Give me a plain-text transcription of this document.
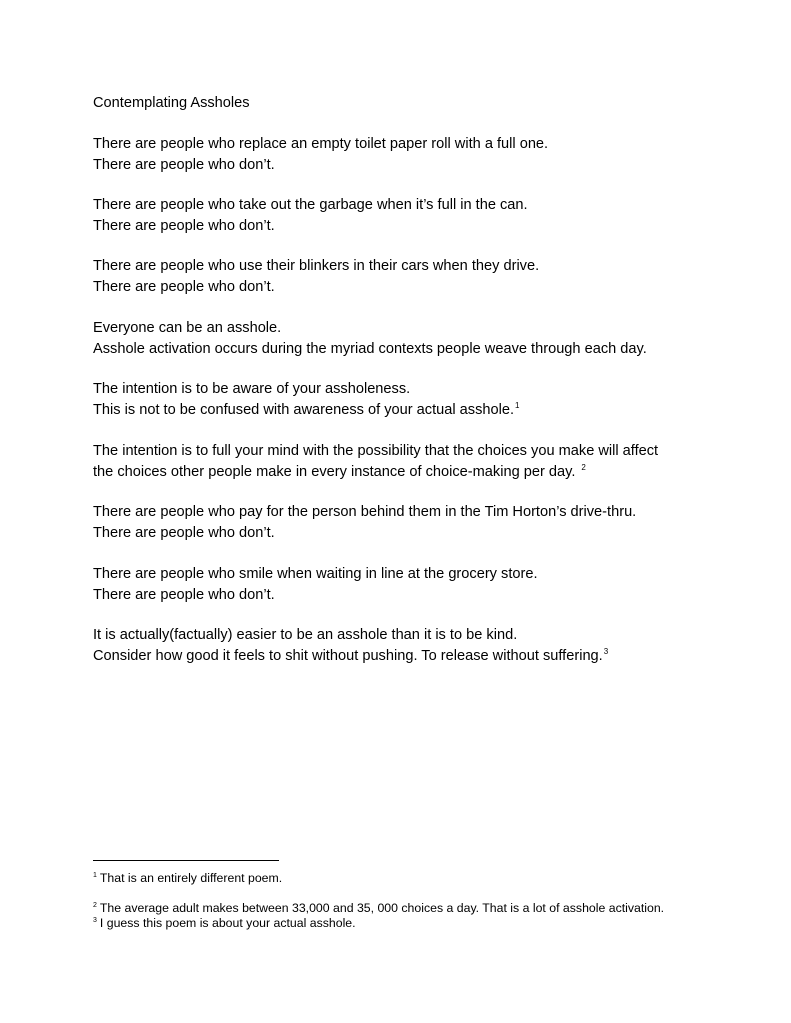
Contemplating Assholes
There are people who replace an empty toilet paper roll with a full one.
There are people who don’t.
There are people who take out the garbage when it’s full in the can.
There are people who don’t.
There are people who use their blinkers in their cars when they drive.
There are people who don’t.
Everyone can be an asshole.
Asshole activation occurs during the myriad contexts people weave through each day.
The intention is to be aware of your assholeness.
This is not to be confused with awareness of your actual asshole.$^1$
The intention is to full your mind with the possibility that the choices you make will affect
the choices other people make in every instance of choice-making per day. $^2$
There are people who pay for the person behind them in the Tim Horton’s drive-thru.
There are people who don’t.
There are people who smile when waiting in line at the grocery store.
There are people who don’t.
It is actually(factually) easier to be an asshole than it is to be kind.
Consider how good it feels to shit without pushing. To release without suffering.$^3$
$^1$ That is an entirely different poem.
$^2$ The average adult makes between 33,000 and 35, 000 choices a day. That is a lot of asshole activation.
$^3$ I guess this poem is about your actual asshole.
